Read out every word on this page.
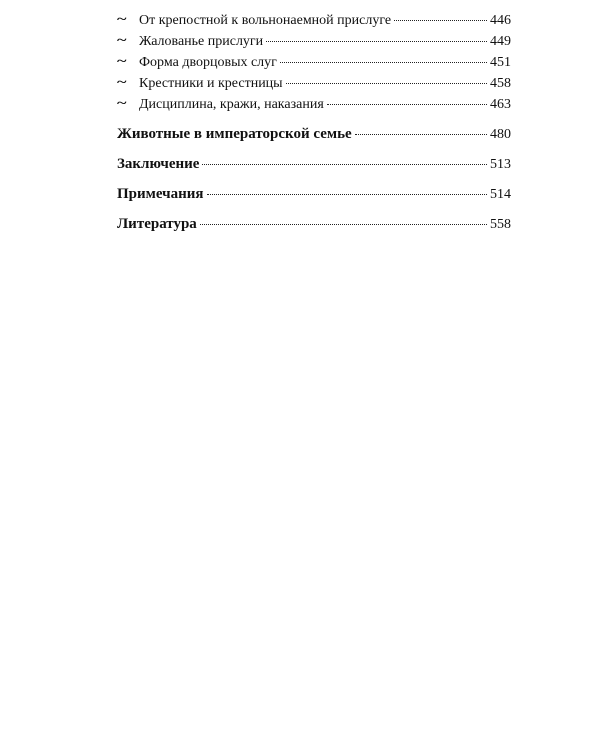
~ От крепостной к вольнонаемной прислуге	446
~ Жалованье прислуги	449
~ Форма дворцовых слуг	451
~ Крестники и крестницы	458
~ Дисциплина, кражи, наказания	463
Животные в императорской семье	480
Заключение	513
Примечания	514
Литература	558
